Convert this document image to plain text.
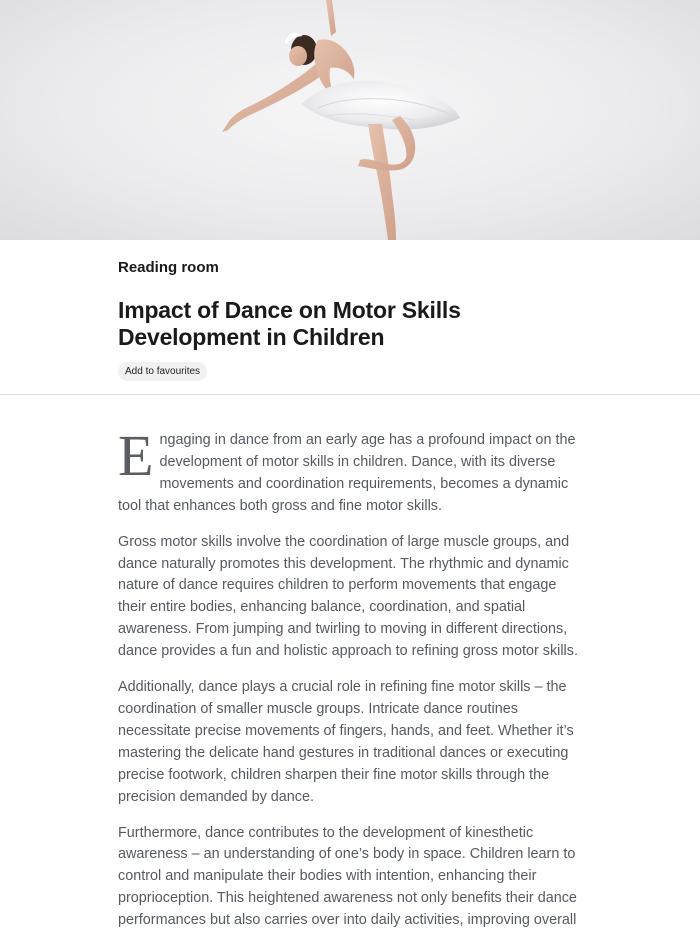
Reading room
Impact of Dance on Motor Skills Development in Children
Add to favourites

Engaging in dance from an early age has a profound impact on the development of motor skills in children. Dance, with its diverse movements and coordination requirements, becomes a dynamic tool that enhances both gross and fine motor skills.

Gross motor skills involve the coordination of large muscle groups, and dance naturally promotes this development. The rhythmic and dynamic nature of dance requires children to perform movements that engage their entire bodies, enhancing balance, coordination, and spatial awareness. From jumping and twirling to moving in different directions, dance provides a fun and holistic approach to refining gross motor skills.

Additionally, dance plays a crucial role in refining fine motor skills – the coordination of smaller muscle groups. Intricate dance routines necessitate precise movements of fingers, hands, and feet. Whether it’s mastering the delicate hand gestures in traditional dances or executing precise footwork, children sharpen their fine motor skills through the precision demanded by dance.

Furthermore, dance contributes to the development of kinesthetic awareness – an understanding of one’s body in space. Children learn to control and manipulate their bodies with intention, enhancing their proprioception. This heightened awareness not only benefits their dance performances but also carries over into daily activities, improving overall
